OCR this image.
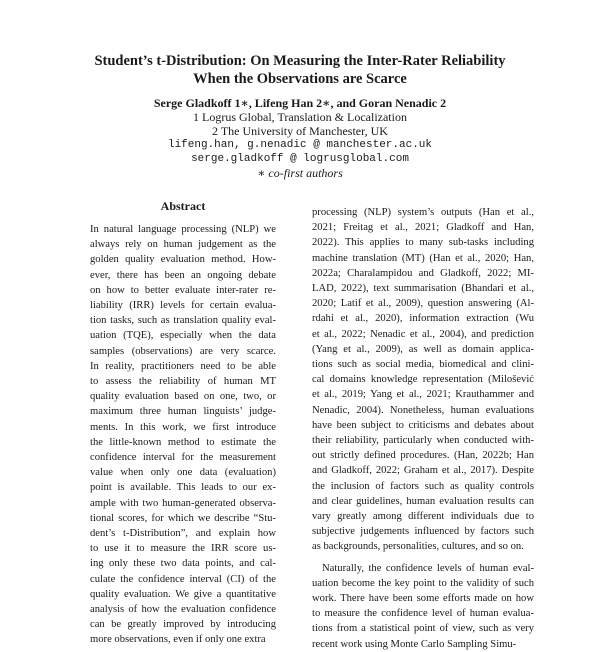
Student’s t-Distribution: On Measuring the Inter-Rater Reliability
When the Observations are Scarce
Serge Gladkoff 1∗, Lifeng Han 2∗, and Goran Nenadic 2
1 Logrus Global, Translation & Localization
2 The University of Manchester, UK
lifeng.han, g.nenadic @ manchester.ac.uk
serge.gladkoff @ logrusglobal.com
∗ co-first authors
Abstract
In natural language processing (NLP) we
always rely on human judgement as the
golden quality evaluation method. How-
ever, there has been an ongoing debate
on how to better evaluate inter-rater re-
liability (IRR) levels for certain evalua-
tion tasks, such as translation quality eval-
uation (TQE), especially when the data
samples (observations) are very scarce.
In reality, practitioners need to be able
to assess the reliability of human MT
quality evaluation based on one, two, or
maximum three human linguists’ judge-
ments. In this work, we first introduce
the little-known method to estimate the
confidence interval for the measurement
value when only one data (evaluation)
point is available. This leads to our ex-
ample with two human-generated observa-
tional scores, for which we describe “Stu-
dent’s t-Distribution”, and explain how
to use it to measure the IRR score us-
ing only these two data points, and cal-
culate the confidence interval (CI) of the
quality evaluation. We give a quantitative
analysis of how the evaluation confidence
can be greatly improved by introducing
more observations, even if only one extra
processing (NLP) system’s outputs (Han et al.,
2021; Freitag et al., 2021; Gladkoff and Han,
2022). This applies to many sub-tasks including
machine translation (MT) (Han et al., 2020; Han,
2022a; Charalampidou and Gladkoff, 2022; MI-
LAD, 2022), text summarisation (Bhandari et al.,
2020; Latif et al., 2009), question answering (Al-
rdahi et al., 2020), information extraction (Wu
et al., 2022; Nenadic et al., 2004), and prediction
(Yang et al., 2009), as well as domain applica-
tions such as social media, biomedical and clini-
cal domains knowledge representation (Milošević
et al., 2019; Yang et al., 2021; Krauthammer and
Nenadic, 2004). Nonetheless, human evaluations
have been subject to criticisms and debates about
their reliability, particularly when conducted with-
out strictly defined procedures. (Han, 2022b; Han
and Gladkoff, 2022; Graham et al., 2017). Despite
the inclusion of factors such as quality controls
and clear guidelines, human evaluation results can
vary greatly among different individuals due to
subjective judgements influenced by factors such
as backgrounds, personalities, cultures, and so on.
Naturally, the confidence levels of human eval-
uation become the key point to the validity of such
work. There have been some efforts made on how
to measure the confidence level of human evalua-
tions from a statistical point of view, such as very
recent work using Monte Carlo Sampling Simu-
